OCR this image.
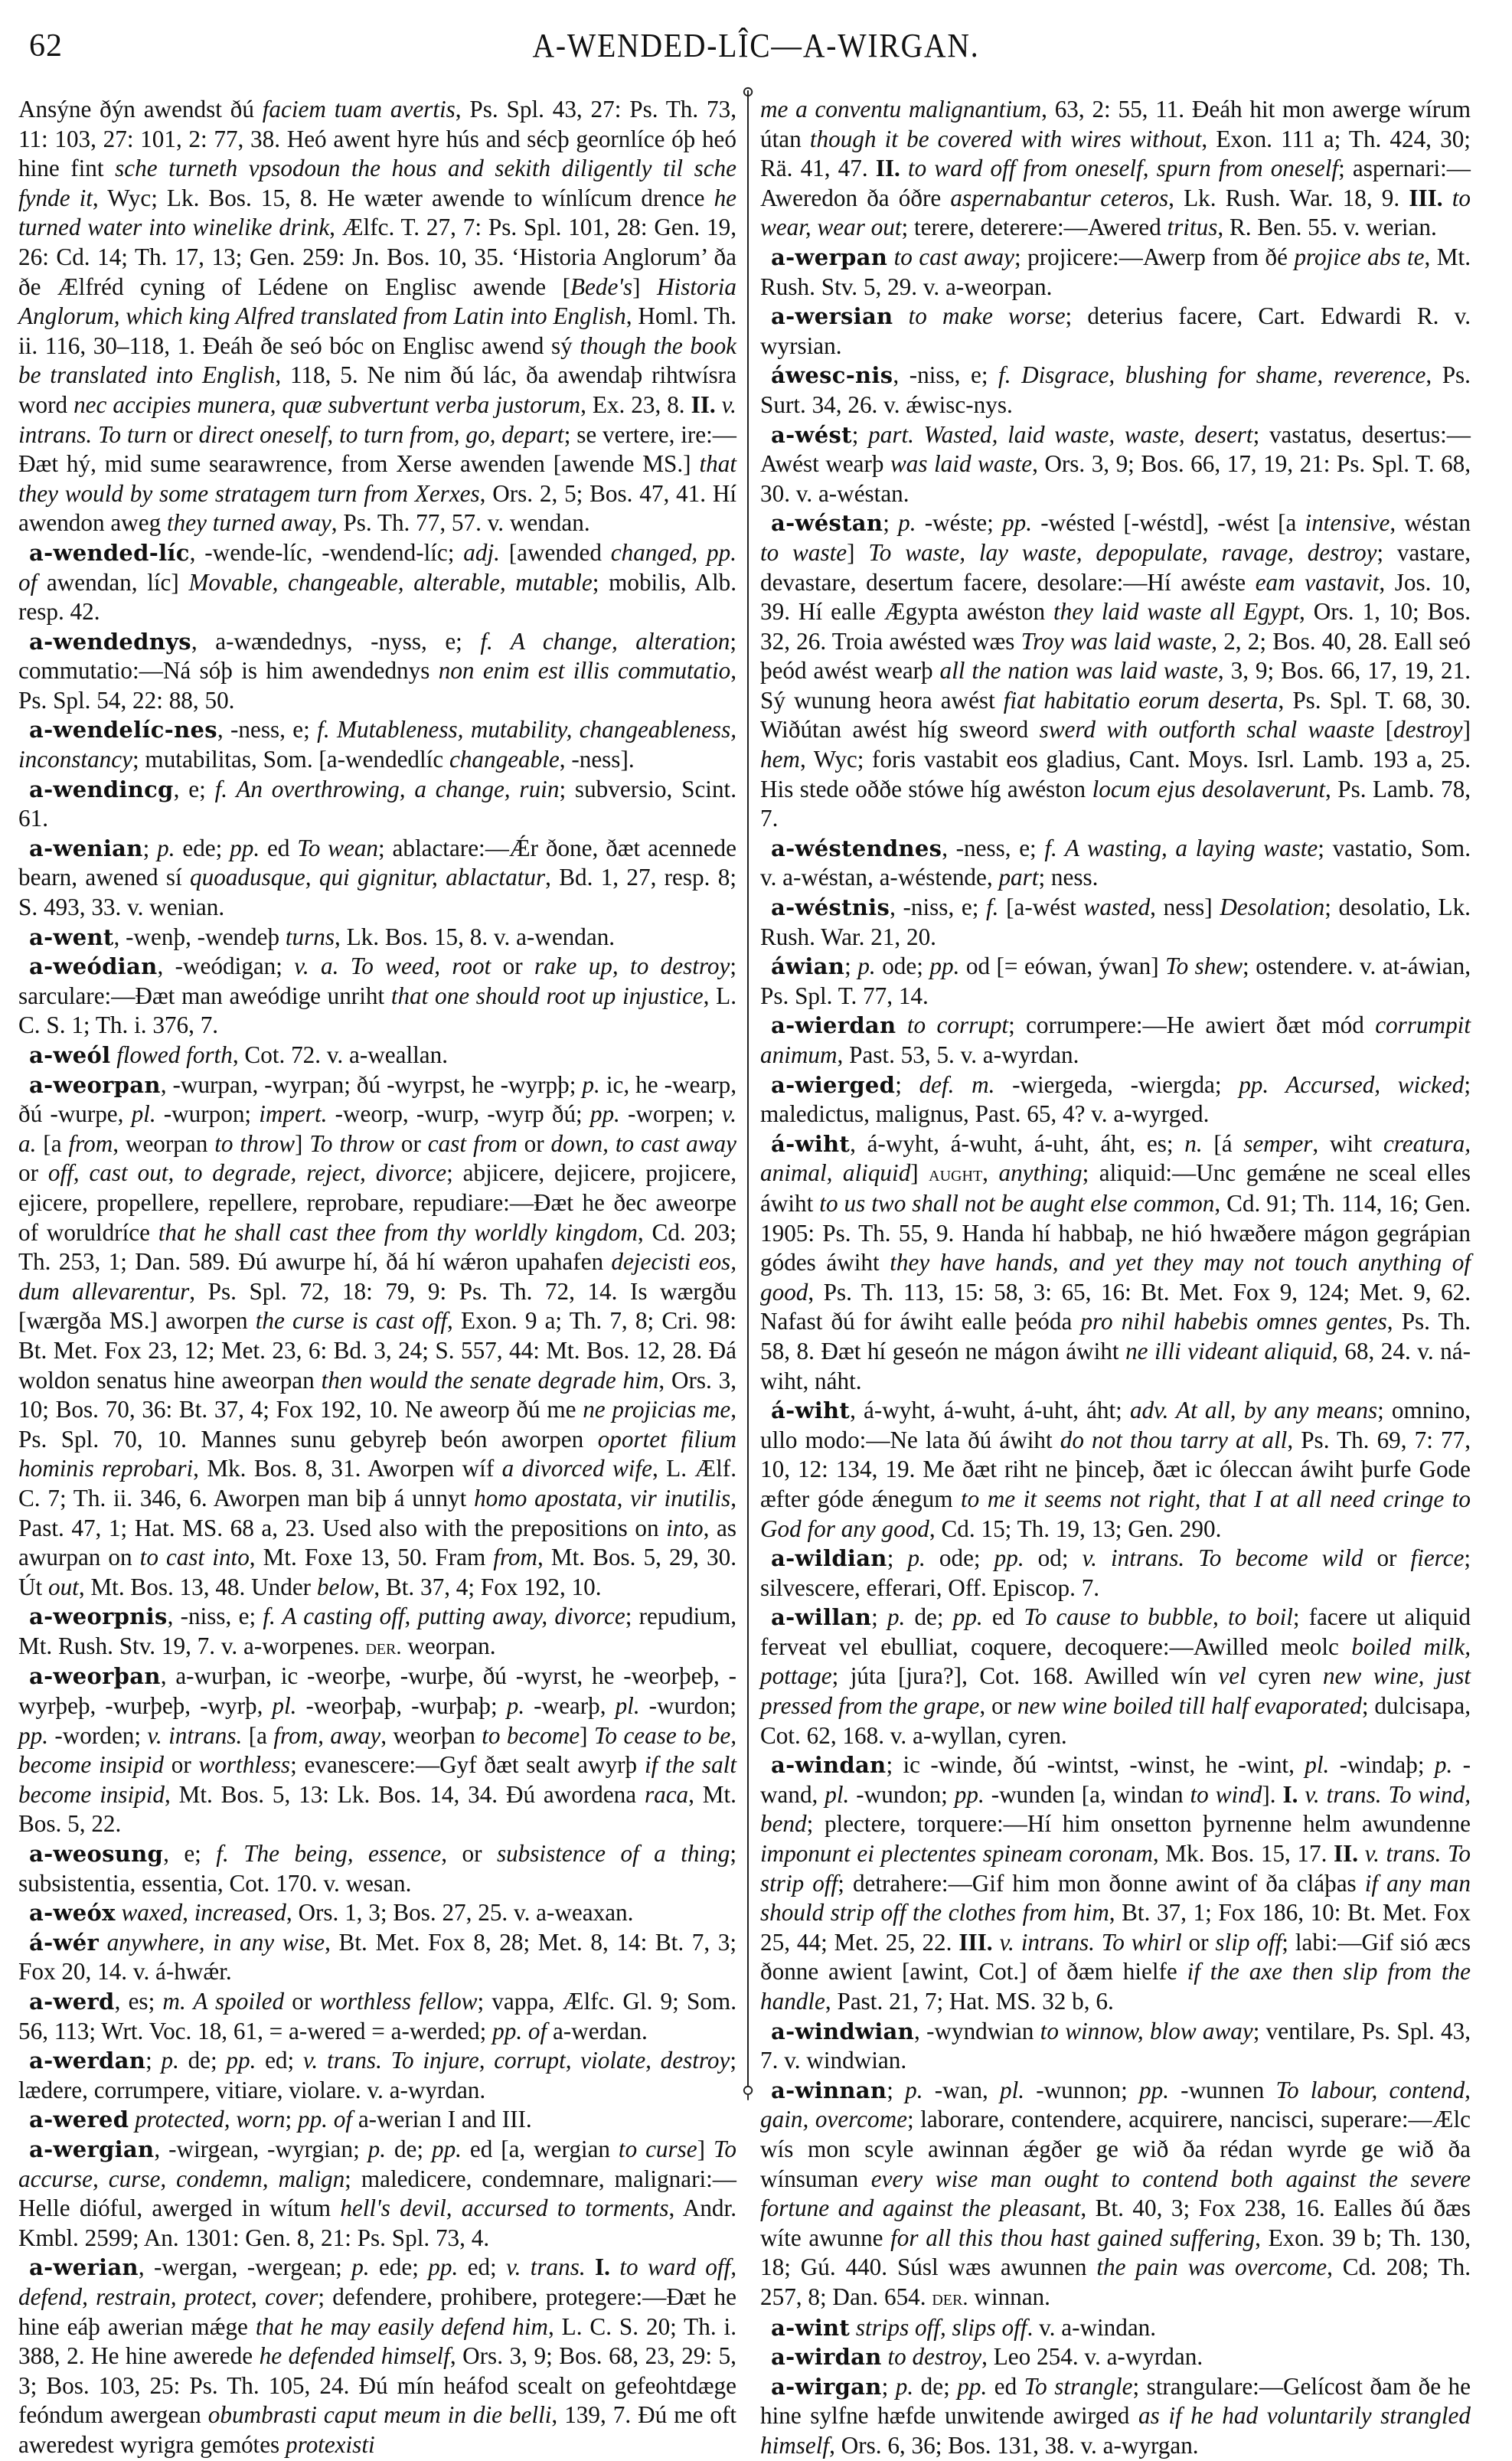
62	A-WENDED-LÎC—A-WIRGAN.
⚲
⚲

Ansýne ðýn awendst ðú faciem tuam avertis, Ps. Spl. 43, 27: Ps. Th. 73, 11: 103, 27: 101, 2: 77, 38. Heó awent hyre hús and sécþ geornlíce óþ heó hine fint sche turneth vpsodoun the hous and sekith diligently til sche fynde it, Wyc; Lk. Bos. 15, 8. He wæter awende to wínlícum drence he turned water into winelike drink, Ælfc. T. 27, 7: Ps. Spl. 101, 28: Gen. 19, 26: Cd. 14; Th. 17, 13; Gen. 259: Jn. Bos. 10, 35. ‘Historia Anglorum’ ða ðe Ælfréd cyning of Lédene on Englisc awende [Bede's] Historia Anglorum, which king Alfred translated from Latin into English, Homl. Th. ii. 116, 30–118, 1. Ðeáh ðe seó bóc on Englisc awend sý though the book be translated into English, 118, 5. Ne nim ðú lác, ða awendaþ rihtwísra word nec accipies munera, quæ subvertunt verba justorum, Ex. 23, 8. II. v. intrans. To turn or direct oneself, to turn from, go, depart; se vertere, ire:—Ðæt hý, mid sume searawrence, from Xerse awenden [awende MS.] that they would by some stratagem turn from Xerxes, Ors. 2, 5; Bos. 47, 41. Hí awendon aweg they turned away, Ps. Th. 77, 57. v. wendan.

a-wended-líc, -wende-líc, -wendend-líc; adj. [awended changed, pp. of awendan, líc] Movable, changeable, alterable, mutable; mobilis, Alb. resp. 42.

a-wendednys, a-wændednys, -nyss, e; f. A change, alteration; commutatio:—Ná sóþ is him awendednys non enim est illis commutatio, Ps. Spl. 54, 22: 88, 50.

a-wendelíc-nes, -ness, e; f. Mutableness, mutability, changeableness, inconstancy; mutabilitas, Som. [a-wendedlíc changeable, -ness].

a-wendincg, e; f. An overthrowing, a change, ruin; subversio, Scint. 61.

a-wenian; p. ede; pp. ed To wean; ablactare:—Ǽr ðone, ðæt acennede bearn, awened sí quoadusque, qui gignitur, ablactatur, Bd. 1, 27, resp. 8; S. 493, 33. v. wenian.

a-went, -wenþ, -wendeþ turns, Lk. Bos. 15, 8. v. a-wendan.

a-weódian, -weódigan; v. a. To weed, root or rake up, to destroy; sarculare:—Ðæt man aweódige unriht that one should root up injustice, L. C. S. 1; Th. i. 376, 7.

a-weól flowed forth, Cot. 72. v. a-weallan.

a-weorpan, -wurpan, -wyrpan; ðú -wyrpst, he -wyrpþ; p. ic, he -wearp, ðú -wurpe, pl. -wurpon; impert. -weorp, -wurp, -wyrp ðú; pp. -worpen; v. a. [a from, weorpan to throw] To throw or cast from or down, to cast away or off, cast out, to degrade, reject, divorce; abjicere, dejicere, projicere, ejicere, propellere, repellere, reprobare, repudiare:—Ðæt he ðec aweorpe of woruldríce that he shall cast thee from thy worldly kingdom, Cd. 203; Th. 253, 1; Dan. 589. Ðú awurpe hí, ðá hí wǽron upahafen dejecisti eos, dum allevarentur, Ps. Spl. 72, 18: 79, 9: Ps. Th. 72, 14. Is wærgðu [wærgða MS.] aworpen the curse is cast off, Exon. 9 a; Th. 7, 8; Cri. 98: Bt. Met. Fox 23, 12; Met. 23, 6: Bd. 3, 24; S. 557, 44: Mt. Bos. 12, 28. Ðá woldon senatus hine aweorpan then would the senate degrade him, Ors. 3, 10; Bos. 70, 36: Bt. 37, 4; Fox 192, 10. Ne aweorp ðú me ne projicias me, Ps. Spl. 70, 10. Mannes sunu gebyreþ beón aworpen oportet filium hominis reprobari, Mk. Bos. 8, 31. Aworpen wíf a divorced wife, L. Ælf. C. 7; Th. ii. 346, 6. Aworpen man biþ á unnyt homo apostata, vir inutilis, Past. 47, 1; Hat. MS. 68 a, 23. Used also with the prepositions on into, as awurpan on to cast into, Mt. Foxe 13, 50. Fram from, Mt. Bos. 5, 29, 30. Út out, Mt. Bos. 13, 48. Under below, Bt. 37, 4; Fox 192, 10.

a-weorpnis, -niss, e; f. A casting off, putting away, divorce; repudium, Mt. Rush. Stv. 19, 7. v. a-worpenes. der. weorpan.

a-weorþan, a-wurþan, ic -weorþe, -wurþe, ðú -wyrst, he -weorþeþ, -wyrþeþ, -wurþeþ, -wyrþ, pl. -weorþaþ, -wurþaþ; p. -wearþ, pl. -wurdon; pp. -worden; v. intrans. [a from, away, weorþan to become] To cease to be, become insipid or worthless; evanescere:—Gyf ðæt sealt awyrþ if the salt become insipid, Mt. Bos. 5, 13: Lk. Bos. 14, 34. Ðú awordena raca, Mt. Bos. 5, 22.

a-weosung, e; f. The being, essence, or subsistence of a thing; subsistentia, essentia, Cot. 170. v. wesan.

a-weóx waxed, increased, Ors. 1, 3; Bos. 27, 25. v. a-weaxan.

á-wér anywhere, in any wise, Bt. Met. Fox 8, 28; Met. 8, 14: Bt. 7, 3; Fox 20, 14. v. á-hwǽr.

a-werd, es; m. A spoiled or worthless fellow; vappa, Ælfc. Gl. 9; Som. 56, 113; Wrt. Voc. 18, 61, = a-wered = a-werded; pp. of a-werdan.

a-werdan; p. de; pp. ed; v. trans. To injure, corrupt, violate, destroy; lædere, corrumpere, vitiare, violare. v. a-wyrdan.

a-wered protected, worn; pp. of a-werian I and III.

a-wergian, -wirgean, -wyrgian; p. de; pp. ed [a, wergian to curse] To accurse, curse, condemn, malign; maledicere, condemnare, malignari:—Helle dióful, awerged in wítum hell's devil, accursed to torments, Andr. Kmbl. 2599; An. 1301: Gen. 8, 21: Ps. Spl. 73, 4.

a-werian, -wergan, -wergean; p. ede; pp. ed; v. trans. I. to ward off, defend, restrain, protect, cover; defendere, prohibere, protegere:—Ðæt he hine eáþ awerian mǽge that he may easily defend him, L. C. S. 20; Th. i. 388, 2. He hine awerede he defended himself, Ors. 3, 9; Bos. 68, 23, 29: 5, 3; Bos. 103, 25: Ps. Th. 105, 24. Ðú mín heáfod scealt on gefeohtdæge feóndum awergean obumbrasti caput meum in die belli, 139, 7. Ðú me oft aweredest wyrigra gemótes protexisti

me a conventu malignantium, 63, 2: 55, 11. Ðeáh hit mon awerge wírum útan though it be covered with wires without, Exon. 111 a; Th. 424, 30; Rä. 41, 47. II. to ward off from oneself, spurn from oneself; aspernari:—Aweredon ða óðre aspernabantur ceteros, Lk. Rush. War. 18, 9. III. to wear, wear out; terere, deterere:—Awered tritus, R. Ben. 55. v. werian.

a-werpan to cast away; projicere:—Awerp from ðé projice abs te, Mt. Rush. Stv. 5, 29. v. a-weorpan.

a-wersian to make worse; deterius facere, Cart. Edwardi R. v. wyrsian.

áwesc-nis, -niss, e; f. Disgrace, blushing for shame, reverence, Ps. Surt. 34, 26. v. ǽwisc-nys.

a-wést; part. Wasted, laid waste, waste, desert; vastatus, desertus:—Awést wearþ was laid waste, Ors. 3, 9; Bos. 66, 17, 19, 21: Ps. Spl. T. 68, 30. v. a-wéstan.

a-wéstan; p. -wéste; pp. -wésted [-wéstd], -wést [a intensive, wéstan to waste] To waste, lay waste, depopulate, ravage, destroy; vastare, devastare, desertum facere, desolare:—Hí awéste eam vastavit, Jos. 10, 39. Hí ealle Ægypta awéston they laid waste all Egypt, Ors. 1, 10; Bos. 32, 26. Troia awésted wæs Troy was laid waste, 2, 2; Bos. 40, 28. Eall seó þeód awést wearþ all the nation was laid waste, 3, 9; Bos. 66, 17, 19, 21. Sý wunung heora awést fiat habitatio eorum deserta, Ps. Spl. T. 68, 30. Wiðútan awést híg sweord swerd with outforth schal waaste [destroy] hem, Wyc; foris vastabit eos gladius, Cant. Moys. Isrl. Lamb. 193 a, 25. His stede oððe stówe híg awéston locum ejus desolaverunt, Ps. Lamb. 78, 7.

a-wéstendnes, -ness, e; f. A wasting, a laying waste; vastatio, Som. v. a-wéstan, a-wéstende, part; ness.

a-wéstnis, -niss, e; f. [a-wést wasted, ness] Desolation; desolatio, Lk. Rush. War. 21, 20.

áwian; p. ode; pp. od [= eówan, ýwan] To shew; ostendere. v. at-áwian, Ps. Spl. T. 77, 14.

a-wierdan to corrupt; corrumpere:—He awiert ðæt mód corrumpit animum, Past. 53, 5. v. a-wyrdan.

a-wierged; def. m. -wiergeda, -wiergda; pp. Accursed, wicked; maledictus, malignus, Past. 65, 4? v. a-wyrged.

á-wiht, á-wyht, á-wuht, á-uht, áht, es; n. [á semper, wiht creatura, animal, aliquid] aught, anything; aliquid:—Unc gemǽne ne sceal elles áwiht to us two shall not be aught else common, Cd. 91; Th. 114, 16; Gen. 1905: Ps. Th. 55, 9. Handa hí habbaþ, ne hió hwæðere mágon gegrápian gódes áwiht they have hands, and yet they may not touch anything of good, Ps. Th. 113, 15: 58, 3: 65, 16: Bt. Met. Fox 9, 124; Met. 9, 62. Nafast ðú for áwiht ealle þeóda pro nihil habebis omnes gentes, Ps. Th. 58, 8. Ðæt hí geseón ne mágon áwiht ne illi videant aliquid, 68, 24. v. ná-wiht, náht.

á-wiht, á-wyht, á-wuht, á-uht, áht; adv. At all, by any means; omnino, ullo modo:—Ne lata ðú áwiht do not thou tarry at all, Ps. Th. 69, 7: 77, 10, 12: 134, 19. Me ðæt riht ne þinceþ, ðæt ic óleccan áwiht þurfe Gode æfter góde ǽnegum to me it seems not right, that I at all need cringe to God for any good, Cd. 15; Th. 19, 13; Gen. 290.

a-wildian; p. ode; pp. od; v. intrans. To become wild or fierce; silvescere, efferari, Off. Episcop. 7.

a-willan; p. de; pp. ed To cause to bubble, to boil; facere ut aliquid ferveat vel ebulliat, coquere, decoquere:—Awilled meolc boiled milk, pottage; júta [jura?], Cot. 168. Awilled wín vel cyren new wine, just pressed from the grape, or new wine boiled till half evaporated; dulcisapa, Cot. 62, 168. v. a-wyllan, cyren.

a-windan; ic -winde, ðú -wintst, -winst, he -wint, pl. -windaþ; p. -wand, pl. -wundon; pp. -wunden [a, windan to wind]. I. v. trans. To wind, bend; plectere, torquere:—Hí him onsetton þyrnenne helm awundenne imponunt ei plectentes spineam coronam, Mk. Bos. 15, 17. II. v. trans. To strip off; detrahere:—Gif him mon ðonne awint of ða cláþas if any man should strip off the clothes from him, Bt. 37, 1; Fox 186, 10: Bt. Met. Fox 25, 44; Met. 25, 22. III. v. intrans. To whirl or slip off; labi:—Gif sió æcs ðonne awient [awint, Cot.] of ðæm hielfe if the axe then slip from the handle, Past. 21, 7; Hat. MS. 32 b, 6.

a-windwian, -wyndwian to winnow, blow away; ventilare, Ps. Spl. 43, 7. v. windwian.

a-winnan; p. -wan, pl. -wunnon; pp. -wunnen To labour, contend, gain, overcome; laborare, contendere, acquirere, nancisci, superare:—Ælc wís mon scyle awinnan ǽgðer ge wið ða rédan wyrde ge wið ða wínsuman every wise man ought to contend both against the severe fortune and against the pleasant, Bt. 40, 3; Fox 238, 16. Ealles ðú ðæs wíte awunne for all this thou hast gained suffering, Exon. 39 b; Th. 130, 18; Gú. 440. Súsl wæs awunnen the pain was overcome, Cd. 208; Th. 257, 8; Dan. 654. der. winnan.

a-wint strips off, slips off. v. a-windan.

a-wirdan to destroy, Leo 254. v. a-wyrdan.

a-wirgan; p. de; pp. ed To strangle; strangulare:—Gelícost ðam ðe he hine sylfne hæfde unwitende awirged as if he had voluntarily strangled himself, Ors. 6, 36; Bos. 131, 38. v. a-wyrgan.
